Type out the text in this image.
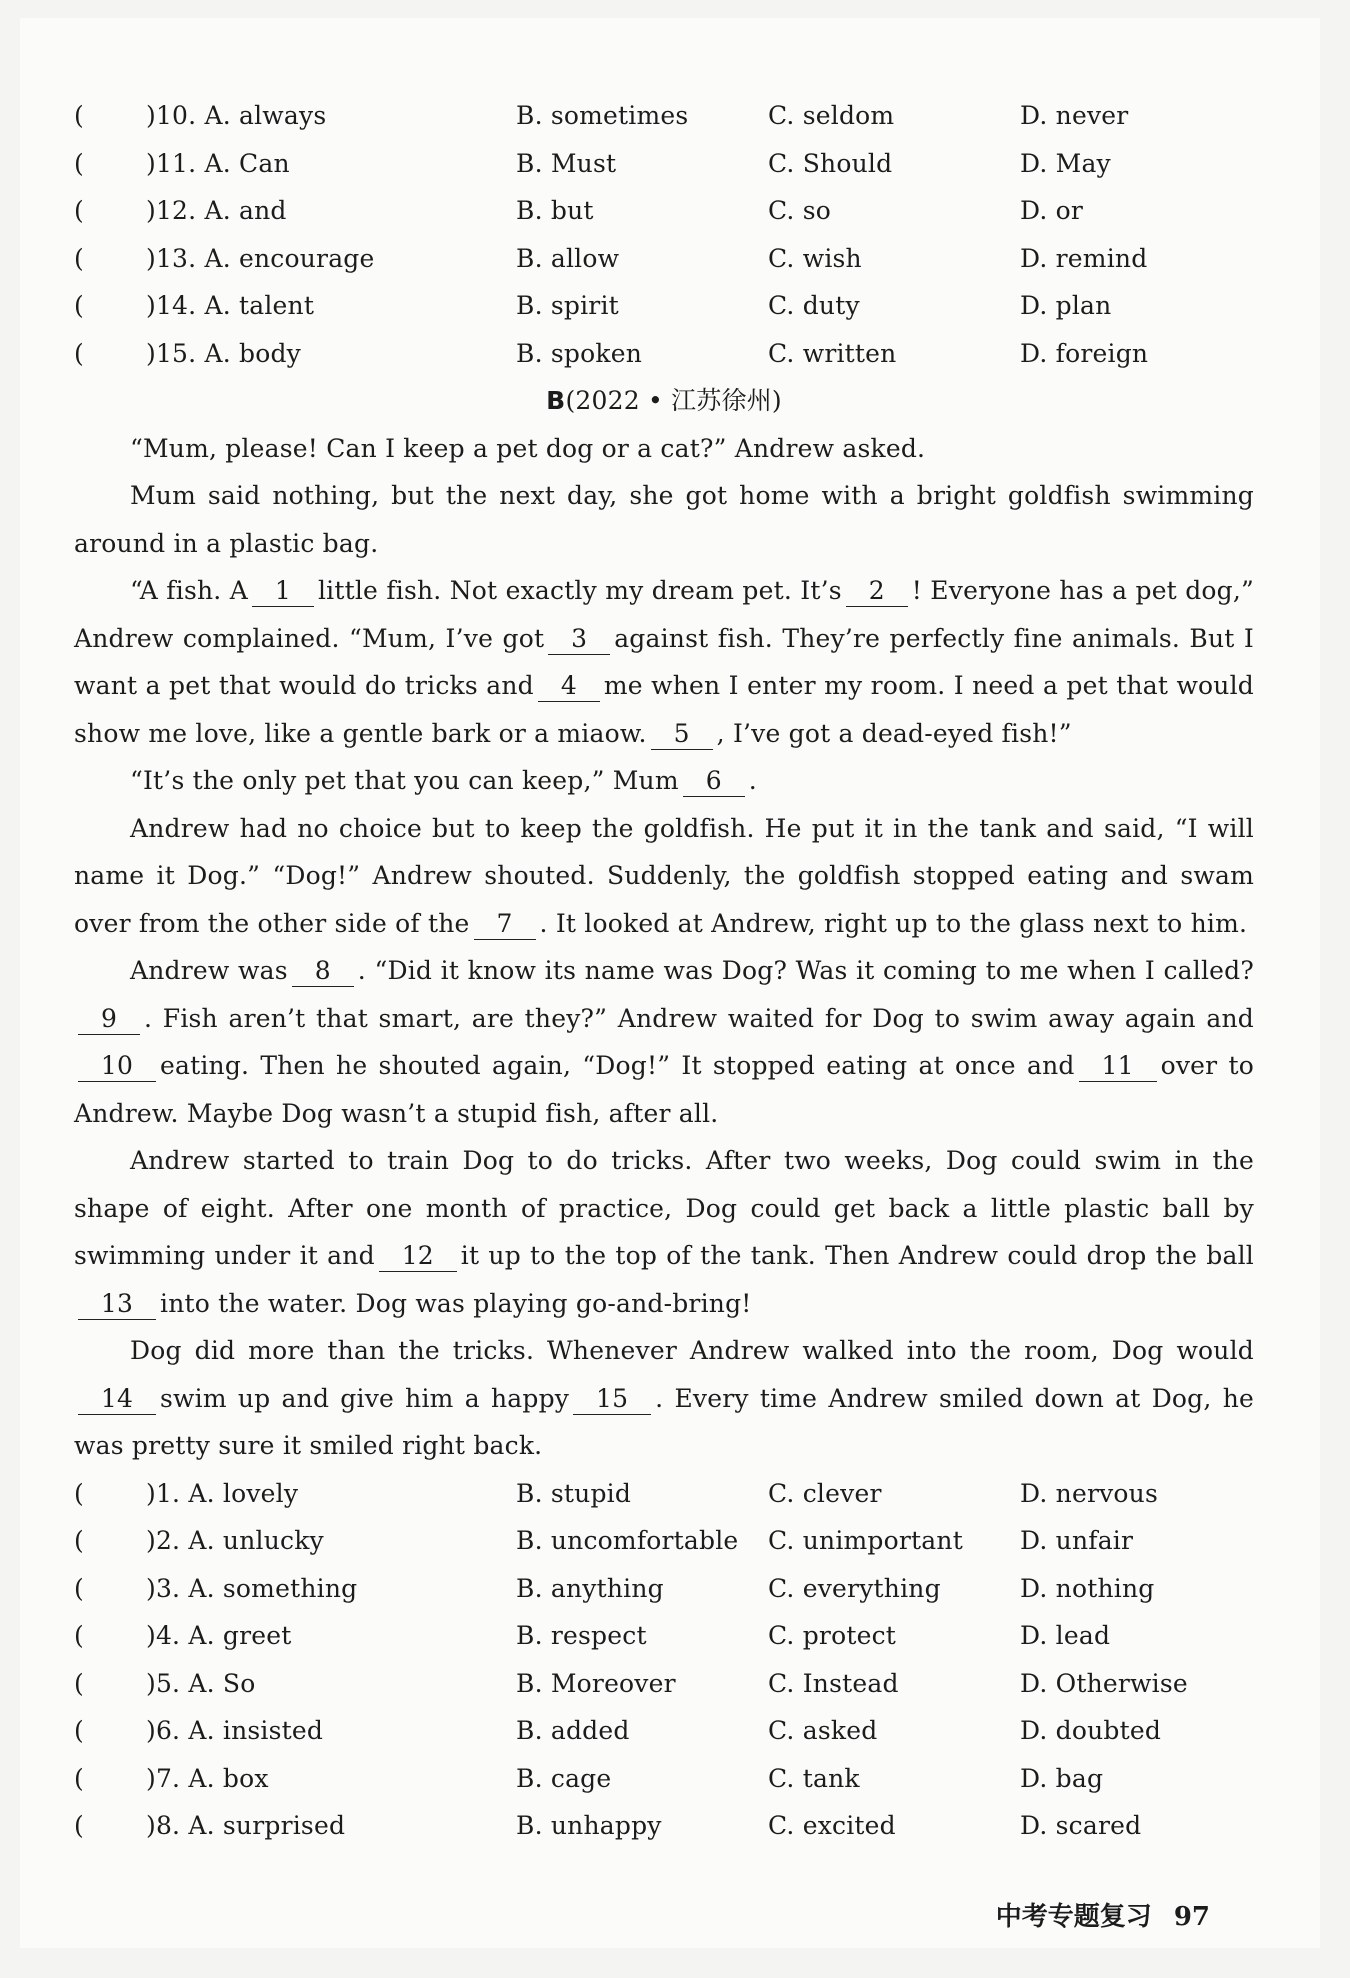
(	)10. A. always	B. sometimes	C. seldom	D. never
(	)11. A. Can	B. Must	C. Should	D. May
(	)12. A. and	B. but	C. so	D. or
(	)13. A. encourage	B. allow	C. wish	D. remind
(	)14. A. talent	B. spirit	C. duty	D. plan
(	)15. A. body	B. spoken	C. written	D. foreign
B(2022 • 江苏徐州)

“Mum, please! Can I keep a pet dog or a cat?” Andrew asked.

Mum said nothing, but the next day, she got home with a bright goldfish swimming around in a plastic bag.

“A fish. A 1 little fish. Not exactly my dream pet. It’s 2 ! Everyone has a pet dog,” Andrew complained. “Mum, I’ve got 3 against fish. They’re perfectly fine animals. But I want a pet that would do tricks and 4 me when I enter my room. I need a pet that would show me love, like a gentle bark or a miaow. 5 , I’ve got a dead-eyed fish!”

“It’s the only pet that you can keep,” Mum 6 .

Andrew had no choice but to keep the goldfish. He put it in the tank and said, “I will name it Dog.” “Dog!” Andrew shouted. Suddenly, the goldfish stopped eating and swam over from the other side of the 7 . It looked at Andrew, right up to the glass next to him.

Andrew was 8 . “Did it know its name was Dog? Was it coming to me when I called?9 . Fish aren’t that smart, are they?” Andrew waited for Dog to swim away again and10 eating. Then he shouted again, “Dog!” It stopped eating at once and 11 over to Andrew. Maybe Dog wasn’t a stupid fish, after all.

Andrew started to train Dog to do tricks. After two weeks, Dog could swim in the shape of eight. After one month of practice, Dog could get back a little plastic ball by swimming under it and 12 it up to the top of the tank. Then Andrew could drop the ball13 into the water. Dog was playing go-and-bring!

Dog did more than the tricks. Whenever Andrew walked into the room, Dog would14 swim up and give him a happy 15 . Every time Andrew smiled down at Dog, he was pretty sure it smiled right back.

(	)1. A. lovely	B. stupid	C. clever	D. nervous
(	)2. A. unlucky	B. uncomfortable	C. unimportant	D. unfair
(	)3. A. something	B. anything	C. everything	D. nothing
(	)4. A. greet	B. respect	C. protect	D. lead
(	)5. A. So	B. Moreover	C. Instead	D. Otherwise
(	)6. A. insisted	B. added	C. asked	D. doubted
(	)7. A. box	B. cage	C. tank	D. bag
(	)8. A. surprised	B. unhappy	C. excited	D. scared
中考专题复习 97
